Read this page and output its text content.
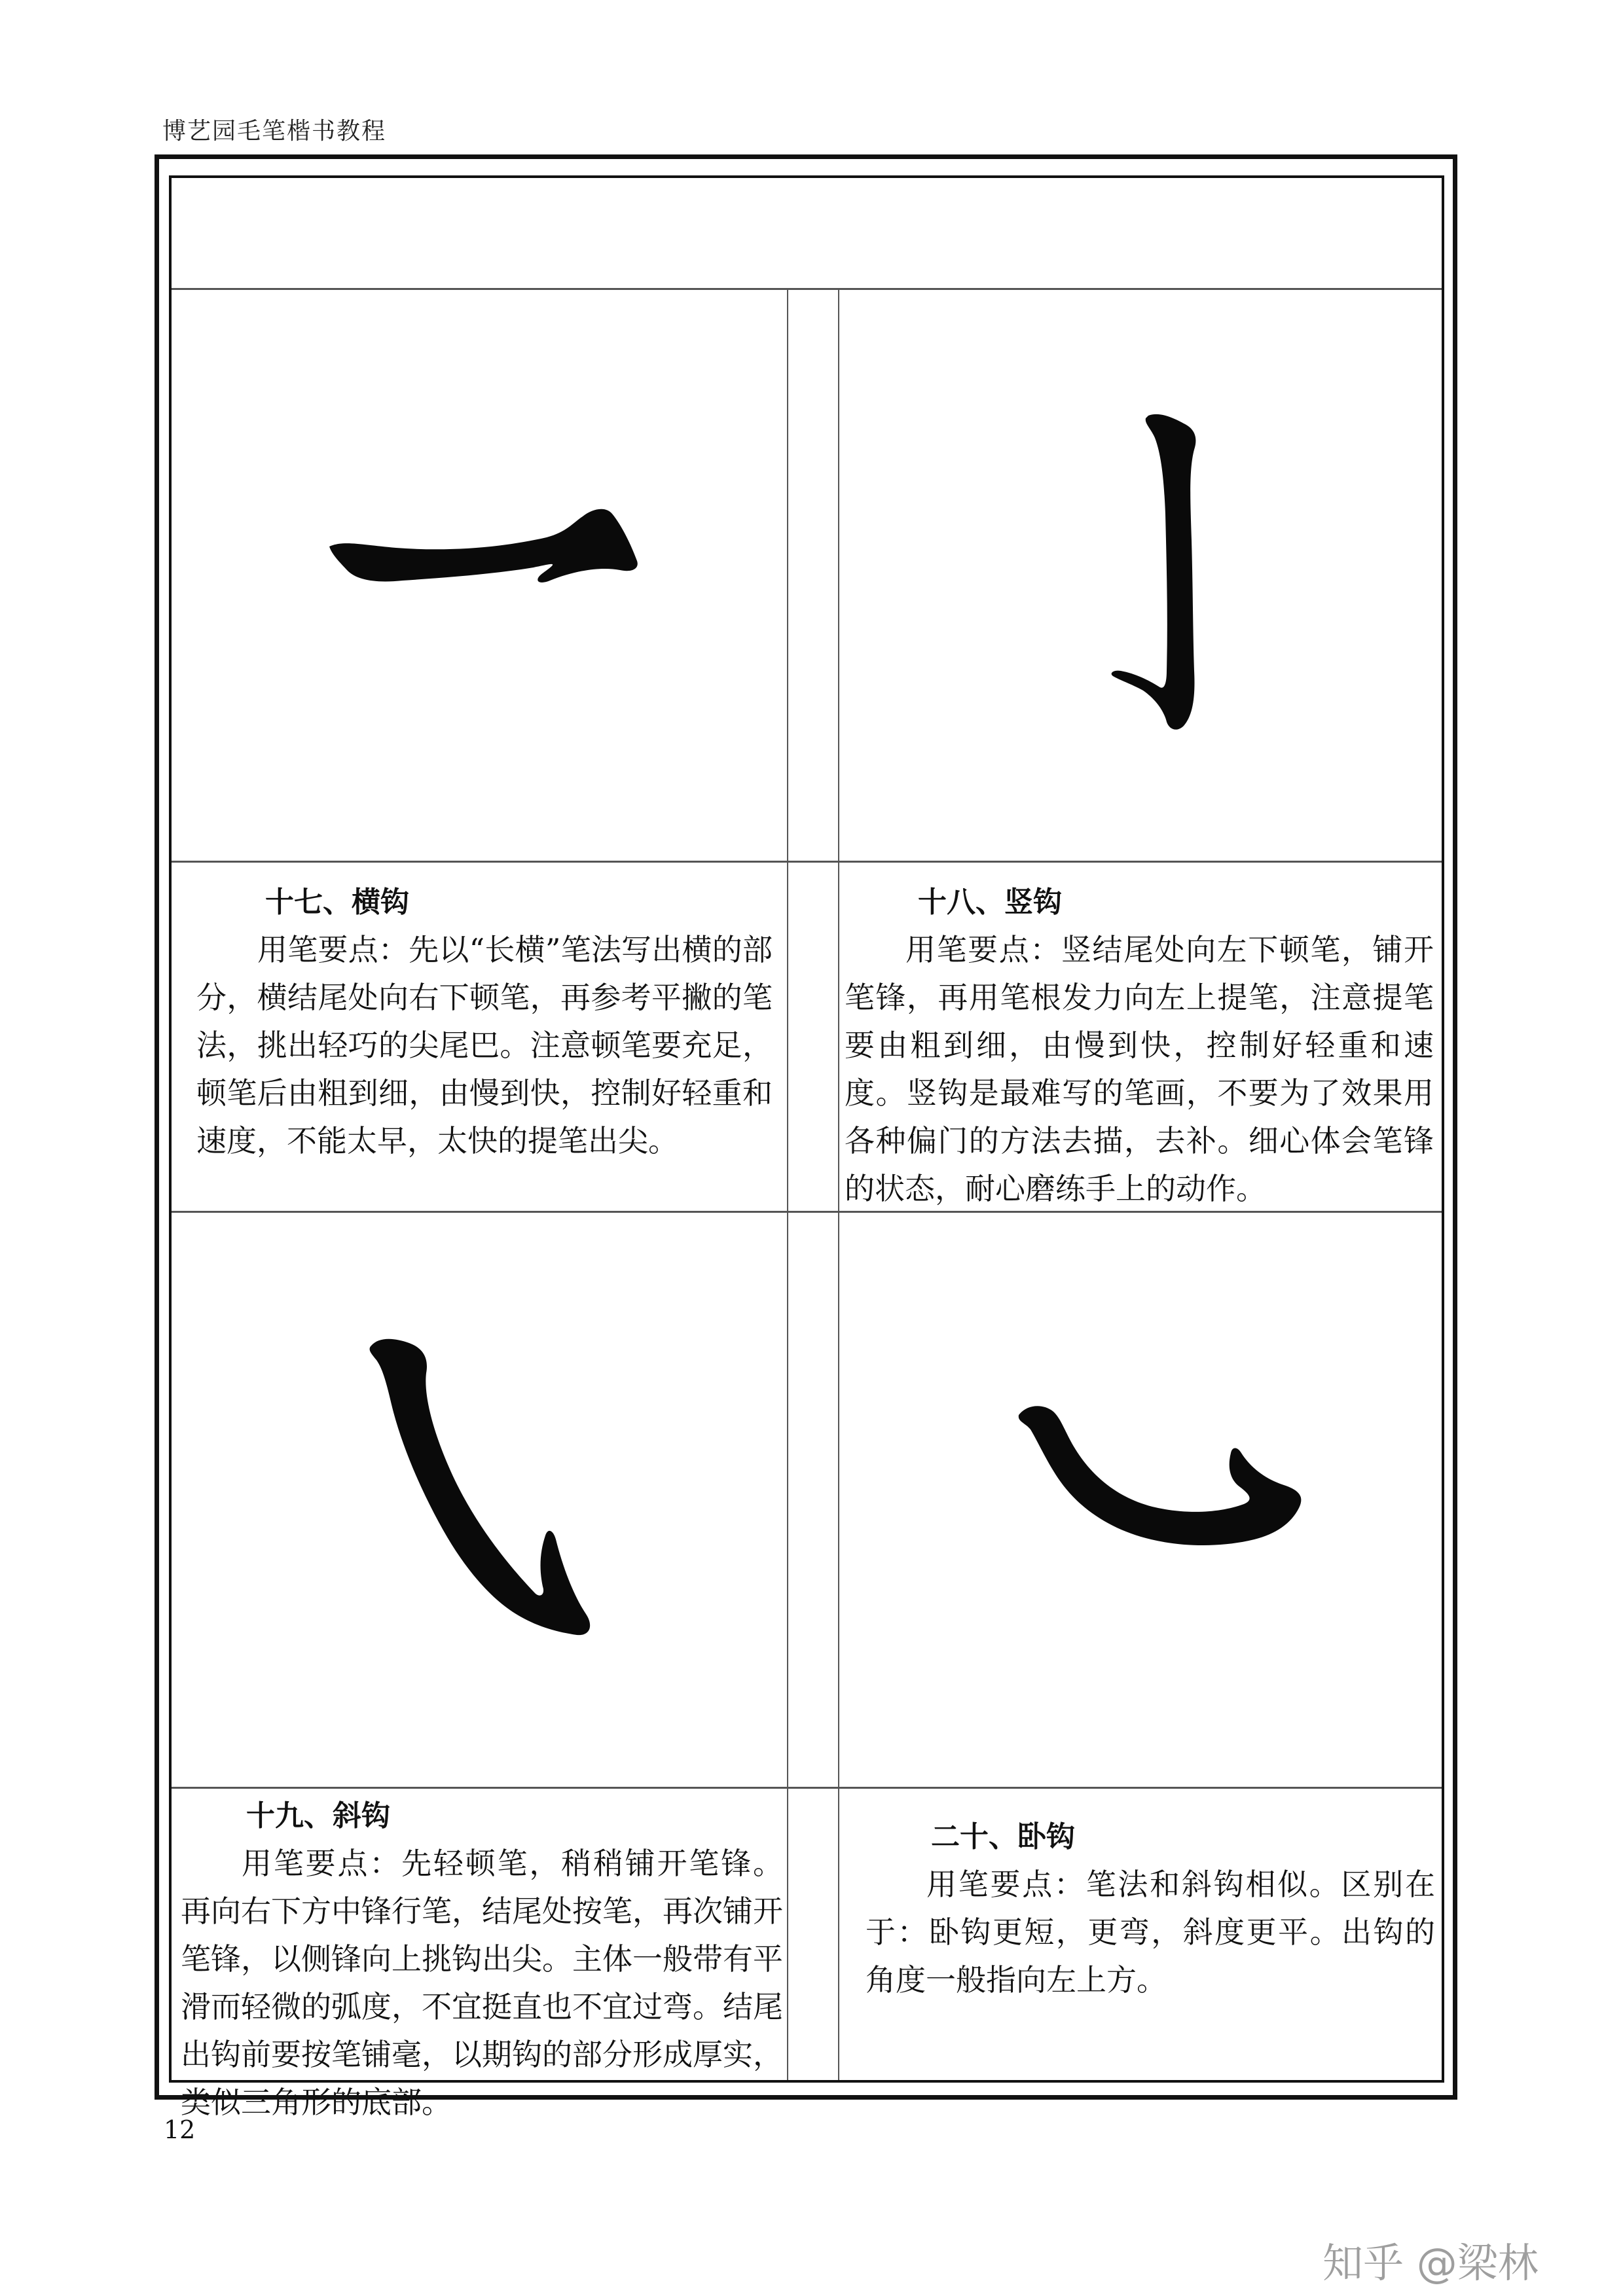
博艺园毛笔楷书教程
十七、横钩

用笔要点：先以“长横”笔法写出横的部分，横结尾处向右下顿笔，再参考平撇的笔法，挑出轻巧的尖尾巴。注意顿笔要充足，顿笔后由粗到细，由慢到快，控制好轻重和速度，不能太早，太快的提笔出尖。

十八、竖钩

用笔要点：竖结尾处向左下顿笔，铺开笔锋，再用笔根发力向左上提笔，注意提笔要由粗到细，由慢到快，控制好轻重和速度。竖钩是最难写的笔画，不要为了效果用各种偏门的方法去描，去补。细心体会笔锋的状态，耐心磨练手上的动作。

十九、斜钩

用笔要点：先轻顿笔，稍稍铺开笔锋。再向右下方中锋行笔，结尾处按笔，再次铺开笔锋，以侧锋向上挑钩出尖。主体一般带有平滑而轻微的弧度，不宜挺直也不宜过弯。结尾出钩前要按笔铺毫，以期钩的部分形成厚实，类似三角形的底部。

二十、卧钩

用笔要点：笔法和斜钩相似。区别在于：卧钩更短，更弯，斜度更平。出钩的角度一般指向左上方。

12
知乎 @梁林
